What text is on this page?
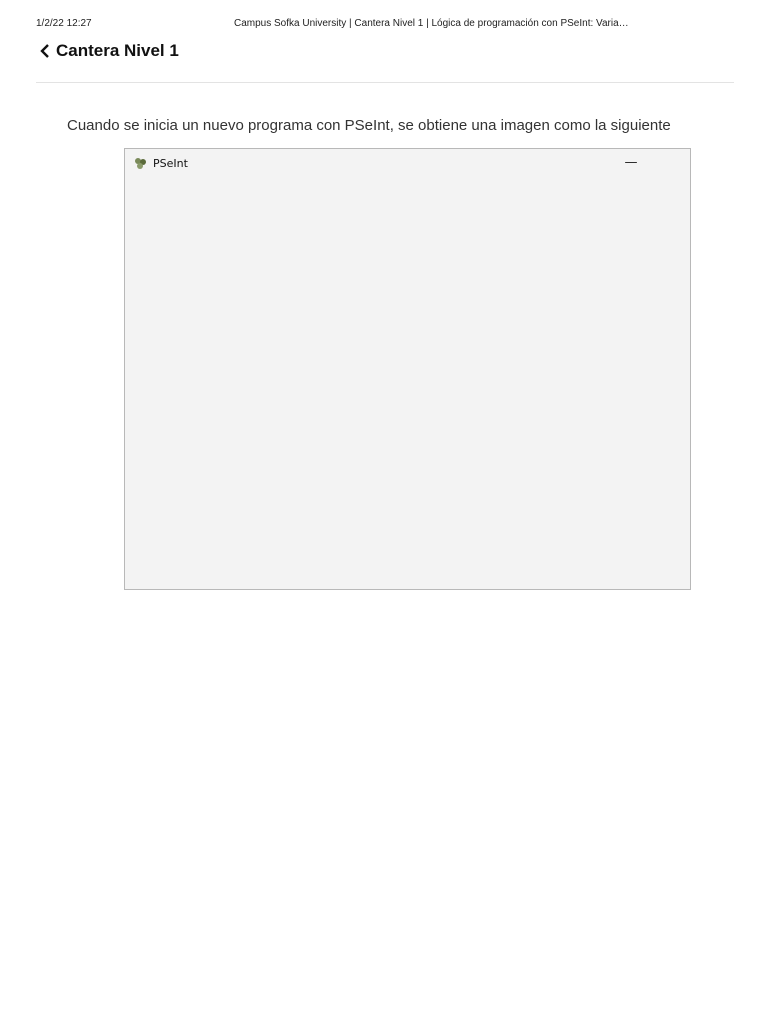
1/2/22 12:27	Campus Sofka University | Cantera Nivel 1 | Lógica de programación con PSeInt: Varia…
Cantera Nivel 1
Cuando se inicia un nuevo programa con PSeInt, se obtiene una imagen como la siguiente
PSeInt	—
